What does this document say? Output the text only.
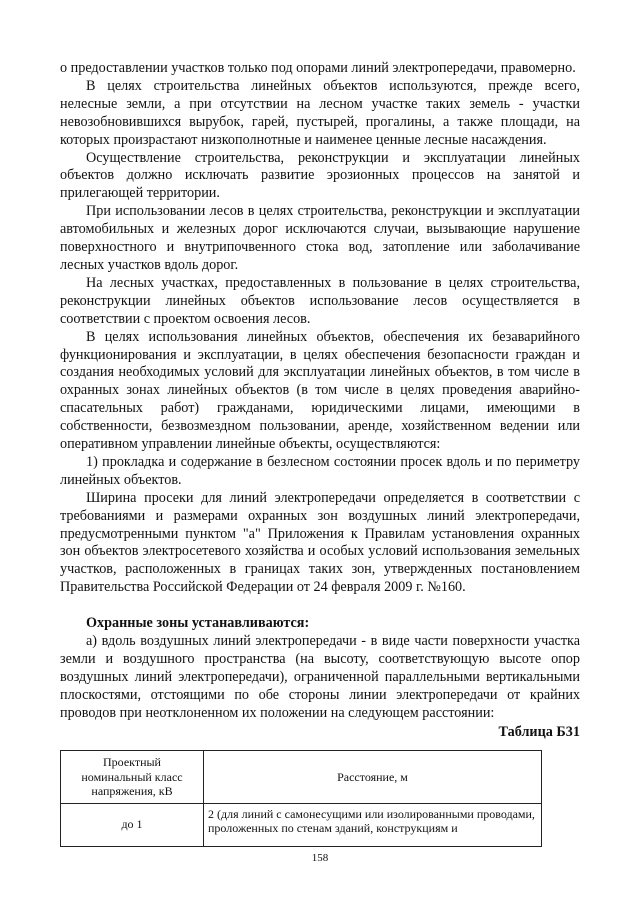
о предоставлении участков только под опорами линий электропередачи, правомерно.

В целях строительства линейных объектов используются, прежде всего, нелесные земли, а при отсутствии на лесном участке таких земель - участки невозобновившихся вырубок, гарей, пустырей, прогалины, а также площади, на которых произрастают низкополнотные и наименее ценные лесные насаждения.

Осуществление строительства, реконструкции и эксплуатации линейных объектов должно исключать развитие эрозионных процессов на занятой и прилегающей территории.

При использовании лесов в целях строительства, реконструкции и эксплуатации автомобильных и железных дорог исключаются случаи, вызывающие нарушение поверхностного и внутрипочвенного стока вод, затопление или заболачивание лесных участков вдоль дорог.

На лесных участках, предоставленных в пользование в целях строительства, реконструкции линейных объектов использование лесов осуществляется в соответствии с проектом освоения лесов.

В целях использования линейных объектов, обеспечения их безаварийного функционирования и эксплуатации, в целях обеспечения безопасности граждан и создания необходимых условий для эксплуатации линейных объектов, в том числе в охранных зонах линейных объектов (в том числе в целях проведения аварийно-спасательных работ) гражданами, юридическими лицами, имеющими в собственности, безвозмездном пользовании, аренде, хозяйственном ведении или оперативном управлении линейные объекты, осуществляются:

1) прокладка и содержание в безлесном состоянии просек вдоль и по периметру линейных объектов.

Ширина просеки для линий электропередачи определяется в соответствии с требованиями и размерами охранных зон воздушных линий электропередачи, предусмотренными пунктом "а" Приложения к Правилам установления охранных зон объектов электросетевого хозяйства и особых условий использования земельных участков, расположенных в границах таких зон, утвержденных постановлением Правительства Российской Федерации от 24 февраля 2009 г. №160.

Охранные зоны устанавливаются:

а) вдоль воздушных линий электропередачи - в виде части поверхности участка земли и воздушного пространства (на высоту, соответствующую высоте опор воздушных линий электропередачи), ограниченной параллельными вертикальными плоскостями, отстоящими по обе стороны линии электропередачи от крайних проводов при неотклоненном их положении на следующем расстоянии:

Таблица Б31

Проектный номинальный класс напряжения, кВ	Расстояние, м
до 1	2 (для линий с самонесущими или изолированными проводами, проложенных по стенам зданий, конструкциям и
158
